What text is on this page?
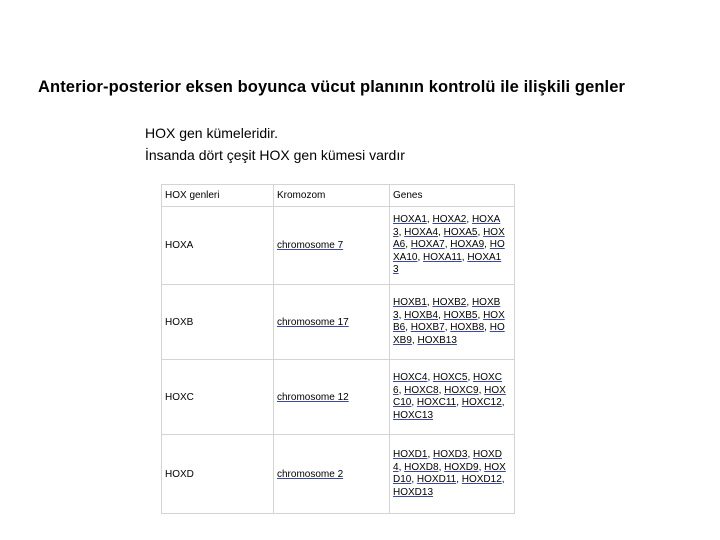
Anterior-posterior eksen boyunca vücut planının kontrolü ile ilişkili genler
HOX gen kümeleridir.
İnsanda dört çeşit HOX gen kümesi vardır
HOX genleri	Kromozom	Genes
HOXA	chromosome 7	HOXA1, HOXA2, HOXA3, HOXA4, HOXA5, HOXA6, HOXA7, HOXA9, HOXA10, HOXA11, HOXA13
HOXB	chromosome 17	HOXB1, HOXB2, HOXB3, HOXB4, HOXB5, HOXB6, HOXB7, HOXB8, HOXB9, HOXB13
HOXC	chromosome 12	HOXC4, HOXC5, HOXC6, HOXC8, HOXC9, HOXC10, HOXC11, HOXC12, HOXC13
HOXD	chromosome 2	HOXD1, HOXD3, HOXD4, HOXD8, HOXD9, HOXD10, HOXD11, HOXD12, HOXD13
